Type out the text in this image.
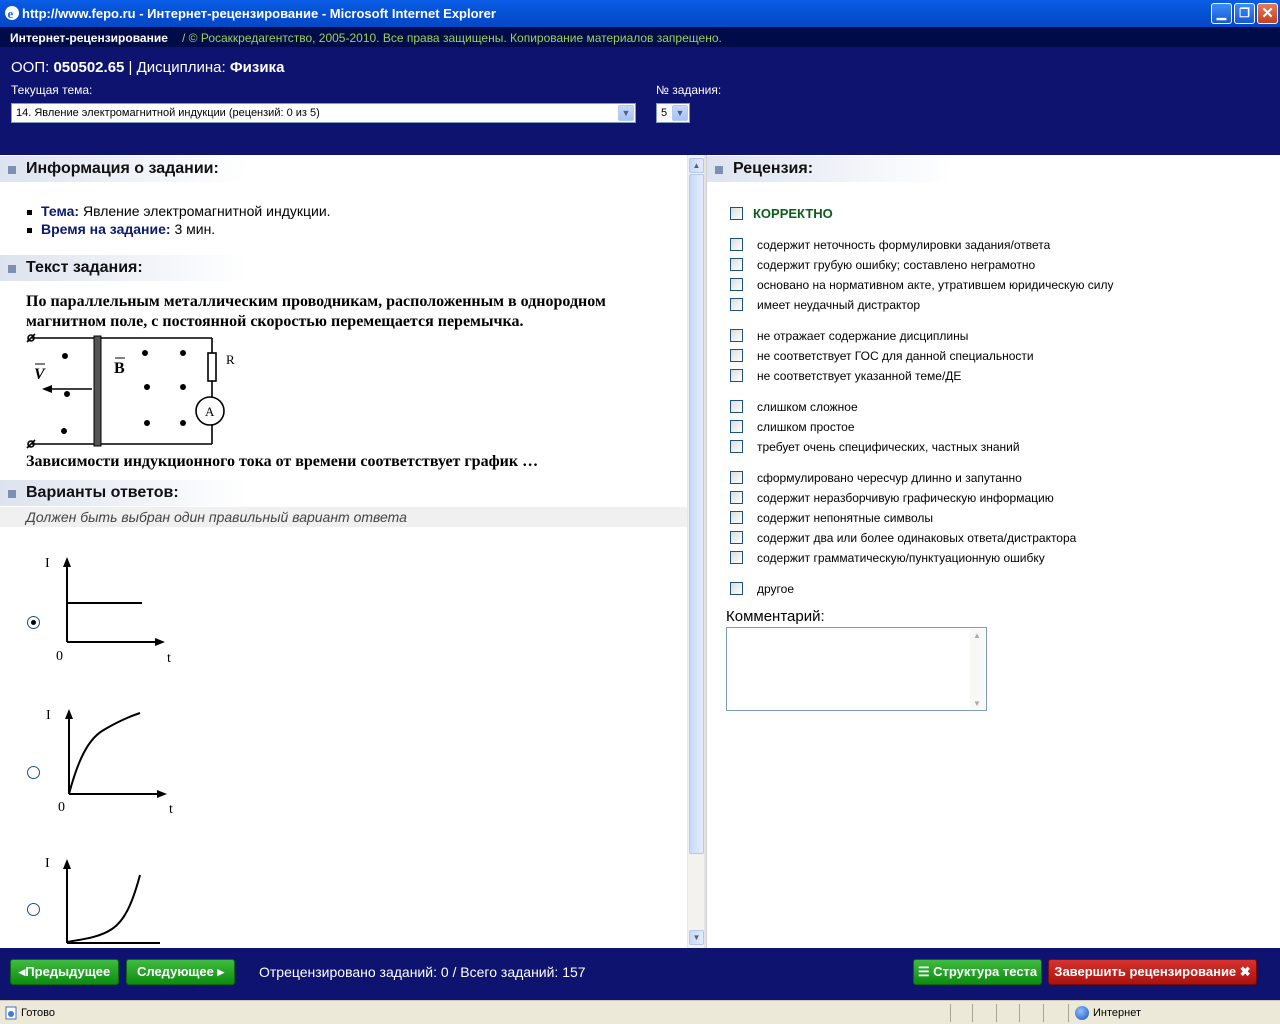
e http://www.fepo.ru - Интернет-рецензирование - Microsoft Internet Explorer	▁	❐ ✕
Интернет-рецензирование / © Росаккредагентство, 2005-2010. Все права защищены. Копирование материалов запрещено.
ООП: 050502.65 | Дисциплина: Физика
Текущая тема:
14. Явление электромагнитной индукции (рецензий: 0 из 5)	▼
№ задания:
5 ▼
Информация о задании:
Тема: Явление электромагнитной индукции.
Время на задание: 3 мин.
Текст задания:
По параллельным металлическим проводникам, расположенным в однородном магнитном поле, с постоянной скоростью перемещается перемычка.
V	B
R
A
Зависимости индукционного тока от времени соответствует график …
Варианты ответов:
Должен быть выбран один правильный вариант ответа
I
0	t
I
0	t
I
▲
▼
Рецензия:
КОРРЕКТНО
содержит неточность формулировки задания/ответа
содержит грубую ошибку; составлено неграмотно
основано на нормативном акте, утратившем юридическую силу
имеет неудачный дистрактор
не отражает содержание дисциплины
не соответствует ГОС для данной специальности
не соответствует указанной теме/ДЕ
слишком сложное
слишком простое
требует очень специфических, частных знаний
сформулировано чересчур длинно и запутанно
содержит неразборчивую графическую информацию
содержит непонятные символы
содержит два или более одинаковых ответа/дистрактора
содержит грамматическую/пунктуационную ошибку
другое
Комментарий:
▲
▼
◂Предыдущее	Следующее ▸	Отрецензировано заданий: 0 / Всего заданий: 157	☰ Структура теста	Завершить рецензирование ✖
Готово	Интернет
